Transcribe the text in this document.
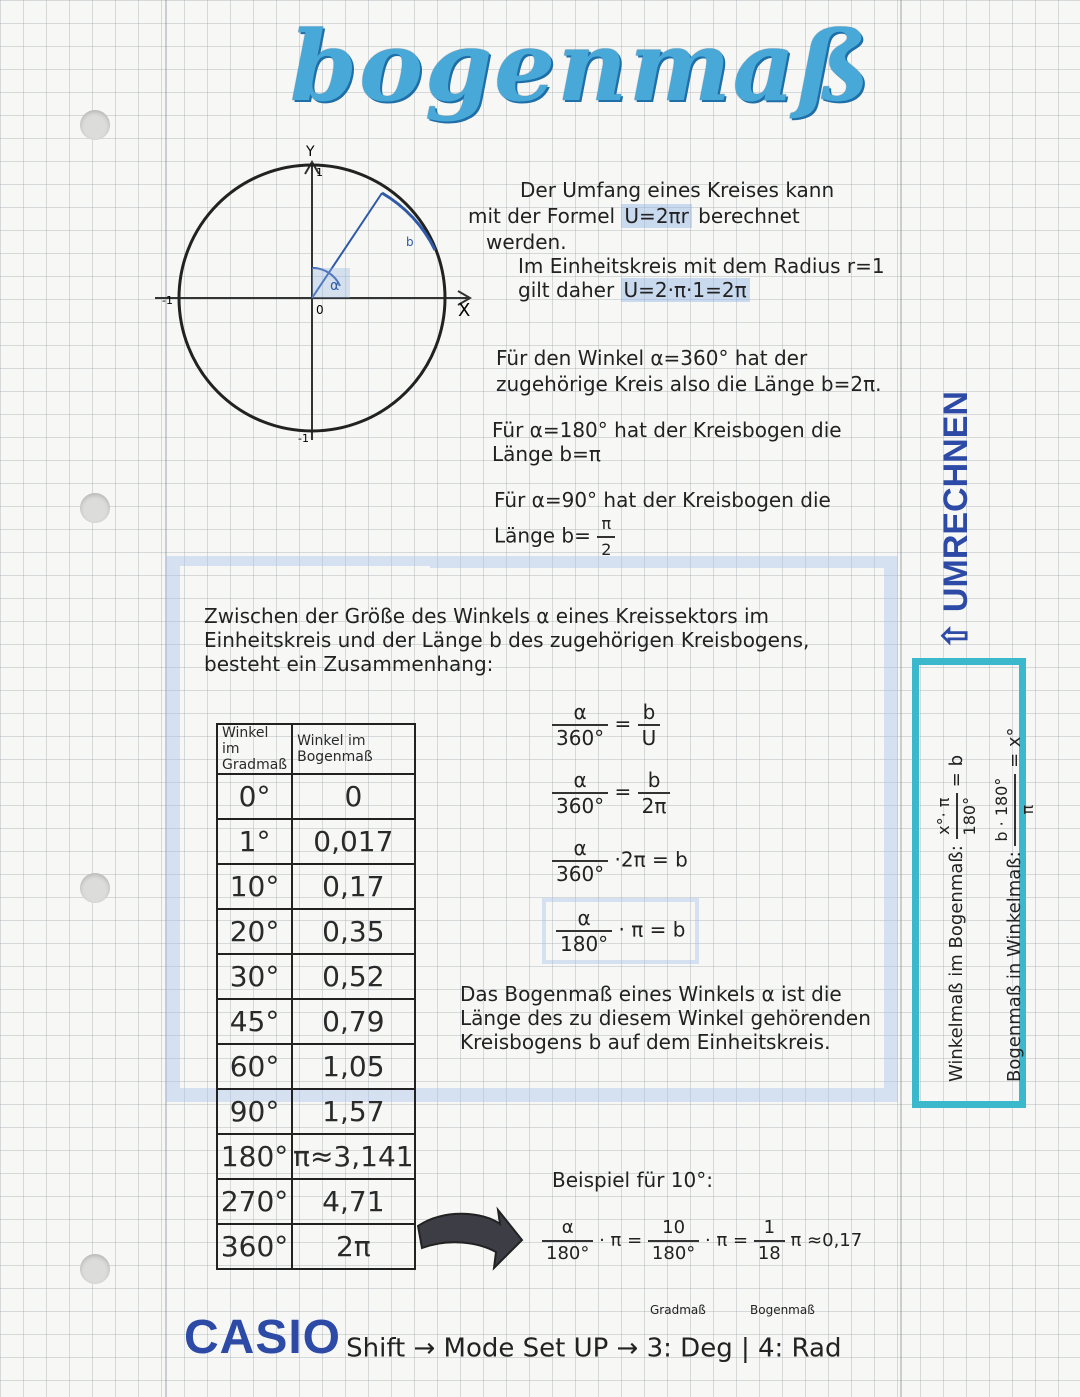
bogenmaß
Y
X
0
-1
-1
1
α
b
Der Umfang eines Kreises kann
mit der Formel U=2πr berechnet
werden.
Im Einheitskreis mit dem Radius r=1
gilt daher U=2·π·1=2π
Für den Winkel α=360° hat der
zugehörige Kreis also die Länge b=2π.
Für α=180° hat der Kreisbogen die
Länge b=π
Für α=90° hat der Kreisbogen die
Länge $b= \frac{\pi}{2}$
Zwischen der Größe des Winkels α eines Kreissektors im
Einheitskreis und der Länge b des zugehörigen Kreisbogens,
besteht ein Zusammenhang:
Winkel im Gradmaß	Winkel im Bogenmaß
0°	0
1°	0,017
10°	0,17
20°	0,35
30°	0,52
45°	0,79
60°	1,05
90°	1,57
180°	π≈3,141
270°	4,71
360°	2π
$\frac{\alpha}{360^\circ} = \frac{b}{U}$
$\frac{\alpha}{360^\circ} = \frac{b}{2\pi}$
$\frac{\alpha}{360^\circ} \cdot 2\pi = b$
$\frac{\alpha}{180^\circ} \cdot \pi = b$
Das Bogenmaß eines Winkels α ist die
Länge des zu diesem Winkel gehörenden
Kreisbogens b auf dem Einheitskreis.
Beispiel für 10°:
$\frac{\alpha}{180^\circ} \cdot \pi = \frac{10}{180^\circ} \cdot \pi = \frac{1}{18}$ π ≈0,17
⇧ UMRECHNEN
Winkelmaß im Bogenmaß:
x°· π 180°
= b
Bogenmaß in Winkelmaß:
b · 180° π
= x°
Gradmaß	Bogenmaß
CASIO Shift → Mode Set UP → 3: Deg | 4: Rad
